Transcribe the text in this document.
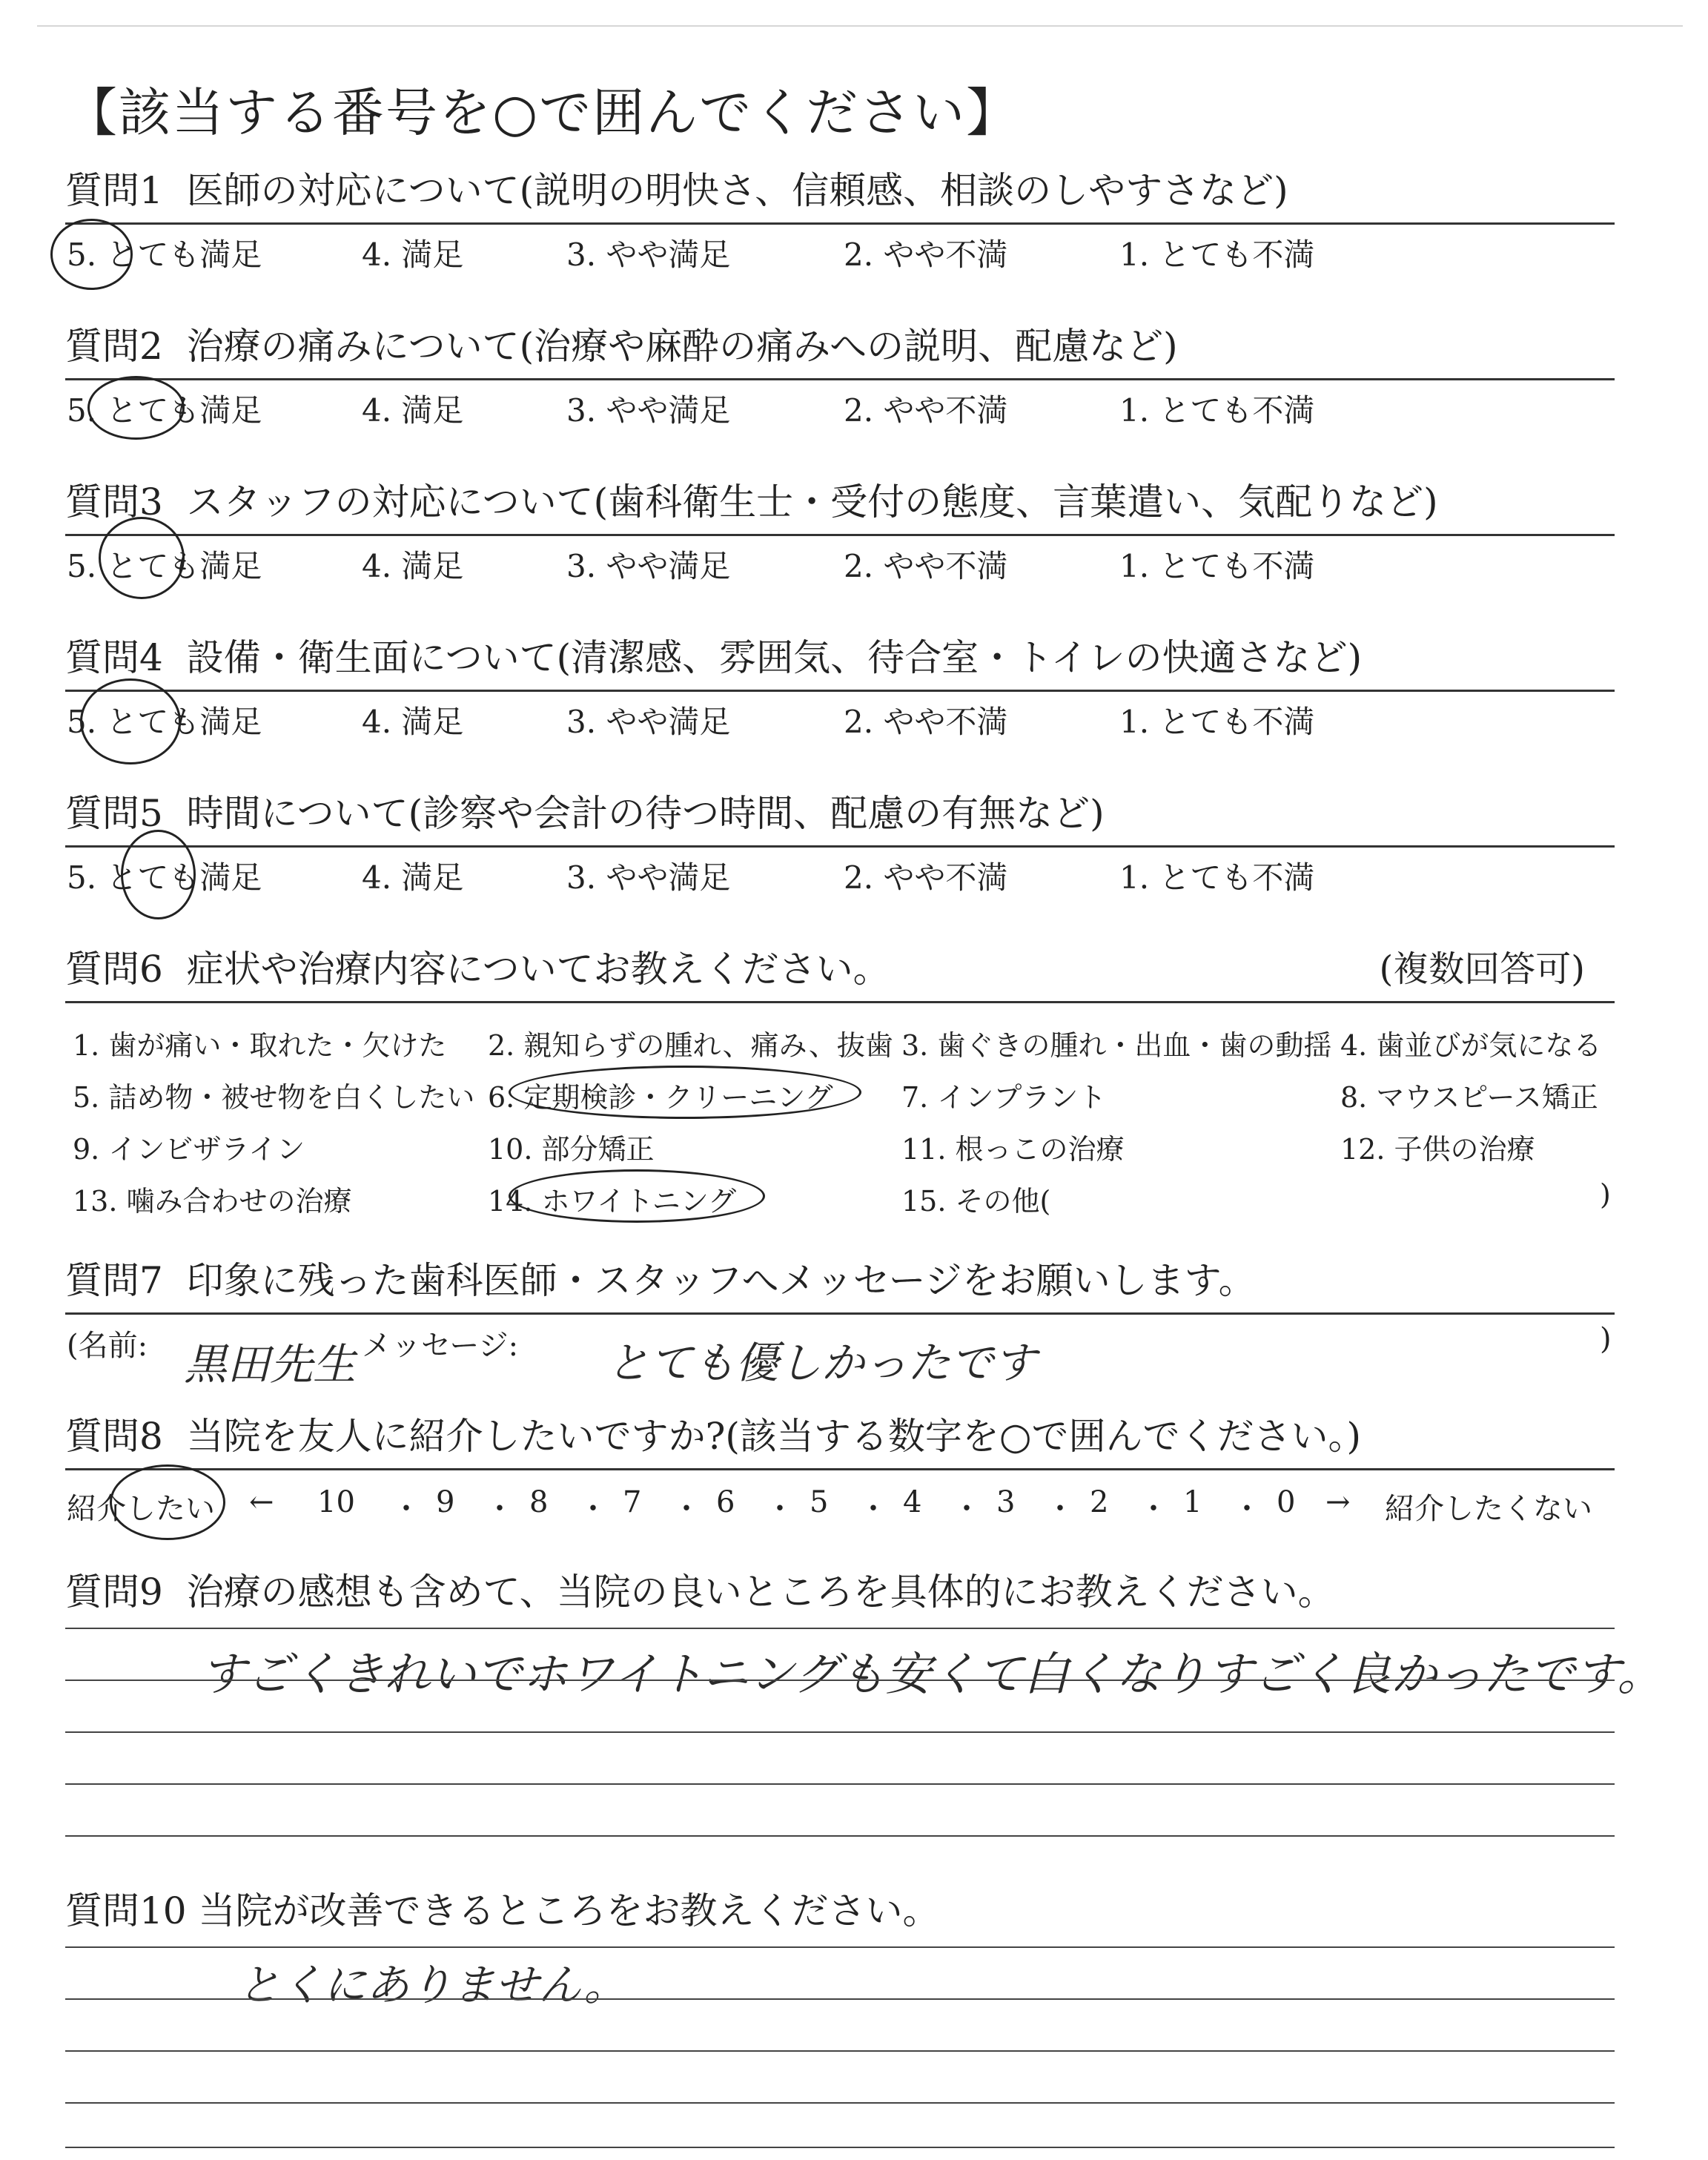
【該当する番号を○で囲んでください】
質問1 医師の対応について(説明の明快さ、信頼感、相談のしやすさなど)
5. とても満足	4. 満足	3. やや満足	2. やや不満	1. とても不満
質問2 治療の痛みについて(治療や麻酔の痛みへの説明、配慮など)
5. とても満足	4. 満足	3. やや満足	2. やや不満	1. とても不満
質問3 スタッフの対応について(歯科衛生士・受付の態度、言葉遣い、気配りなど)
5. とても満足	4. 満足	3. やや満足	2. やや不満	1. とても不満
質問4 設備・衛生面について(清潔感、雰囲気、待合室・トイレの快適さなど)
5. とても満足	4. 満足	3. やや満足	2. やや不満	1. とても不満
質問5 時間について(診察や会計の待つ時間、配慮の有無など)
5. とても満足	4. 満足	3. やや満足	2. やや不満	1. とても不満
質問6 症状や治療内容についてお教えください。	(複数回答可)
1. 歯が痛い・取れた・欠けた 2. 親知らずの腫れ、痛み、抜歯 3. 歯ぐきの腫れ・出血・歯の動揺 4. 歯並びが気になる
5. 詰め物・被せ物を白くしたい 6. 定期検診・クリーニング 7. インプラント	8. マウスピース矯正
9. インビザライン	10. 部分矯正	11. 根っこの治療	12. 子供の治療
13. 噛み合わせの治療	14. ホワイトニング	15. その他(	)
質問7 印象に残った歯科医師・スタッフへメッセージをお願いします。
(名前: 黒田先生 メッセージ: とても優しかったです	)
質問8 当院を友人に紹介したいですか?(該当する数字を○で囲んでください。)
紹介したい ← 10 ・ 9 ・ 8 ・ 7 ・ 6 ・ 5 ・ 4 ・ 3 ・ 2 ・ 1 ・ 0 → 紹介したくない
質問9 治療の感想も含めて、当院の良いところを具体的にお教えください。
すごくきれいでホワイトニングも安くて白くなりすごく良かったです。
質問10 当院が改善できるところをお教えください。
とくにありません。
